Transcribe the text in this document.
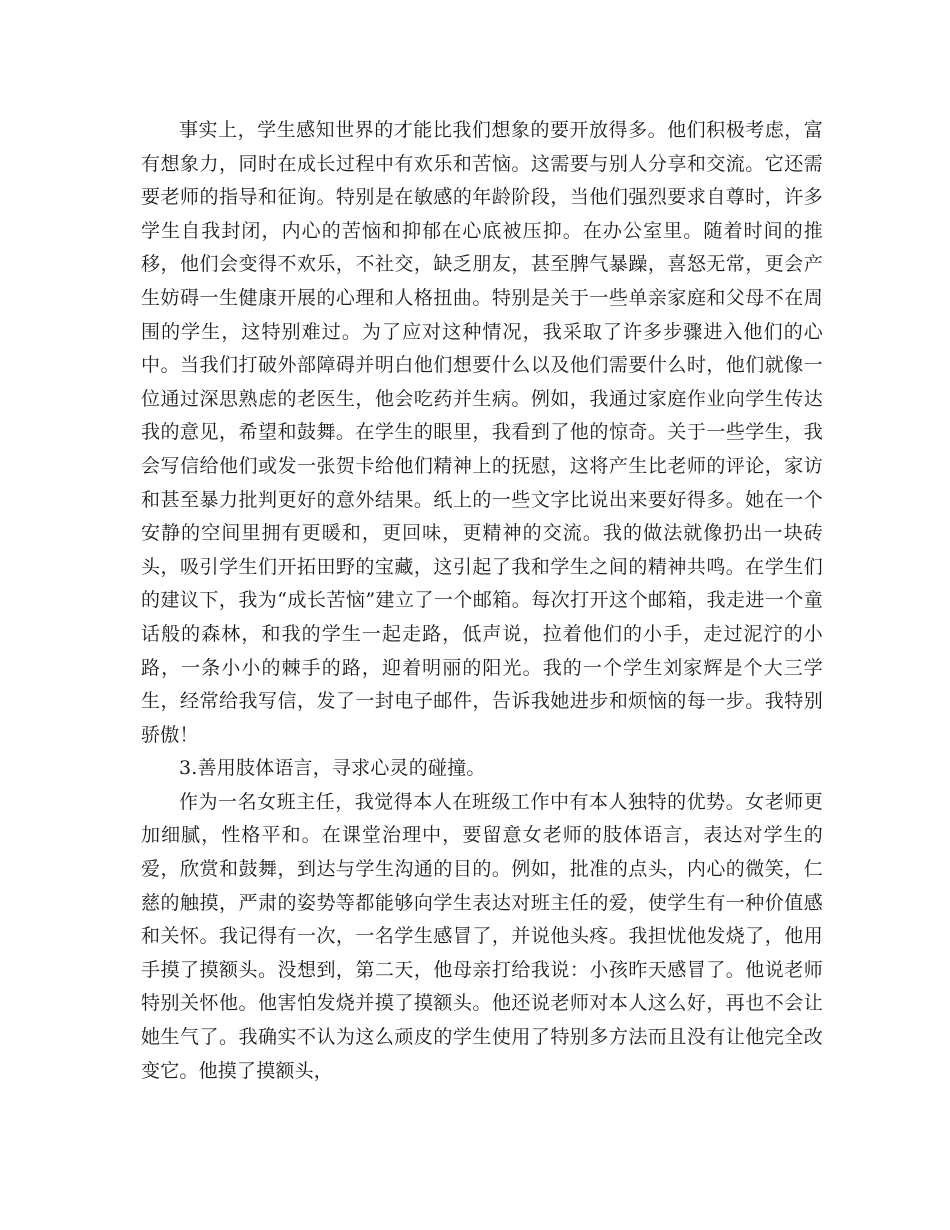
事实上，学生感知世界的才能比我们想象的要开放得多。他们积极考虑，富有想象力，同时在成长过程中有欢乐和苦恼。这需要与别人分享和交流。它还需要老师的指导和征询。特别是在敏感的年龄阶段，当他们强烈要求自尊时，许多学生自我封闭，内心的苦恼和抑郁在心底被压抑。在办公室里。随着时间的推移，他们会变得不欢乐，不社交，缺乏朋友，甚至脾气暴躁，喜怒无常，更会产生妨碍一生健康开展的心理和人格扭曲。特别是关于一些单亲家庭和父母不在周围的学生，这特别难过。为了应对这种情况，我采取了许多步骤进入他们的心中。当我们打破外部障碍并明白他们想要什么以及他们需要什么时，他们就像一位通过深思熟虑的老医生，他会吃药并生病。例如，我通过家庭作业向学生传达我的意见，希望和鼓舞。在学生的眼里，我看到了他的惊奇。关于一些学生，我会写信给他们或发一张贺卡给他们精神上的抚慰，这将产生比老师的评论，家访和甚至暴力批判更好的意外结果。纸上的一些文字比说出来要好得多。她在一个安静的空间里拥有更暖和，更回味，更精神的交流。我的做法就像扔出一块砖头，吸引学生们开拓田野的宝藏，这引起了我和学生之间的精神共鸣。在学生们的建议下，我为“成长苦恼”建立了一个邮箱。每次打开这个邮箱，我走进一个童话般的森林，和我的学生一起走路，低声说，拉着他们的小手，走过泥泞的小路，一条小小的棘手的路，迎着明丽的阳光。我的一个学生刘家辉是个大三学生，经常给我写信，发了一封电子邮件，告诉我她进步和烦恼的每一步。我特别骄傲！

3.善用肢体语言，寻求心灵的碰撞。

作为一名女班主任，我觉得本人在班级工作中有本人独特的优势。女老师更加细腻，性格平和。在课堂治理中，要留意女老师的肢体语言，表达对学生的爱，欣赏和鼓舞，到达与学生沟通的目的。例如，批准的点头，内心的微笑，仁慈的触摸，严肃的姿势等都能够向学生表达对班主任的爱，使学生有一种价值感和关怀。我记得有一次，一名学生感冒了，并说他头疼。我担忧他发烧了，他用手摸了摸额头。没想到，第二天，他母亲打给我说：小孩昨天感冒了。他说老师特别关怀他。他害怕发烧并摸了摸额头。他还说老师对本人这么好，再也不会让她生气了。我确实不认为这么顽皮的学生使用了特别多方法而且没有让他完全改变它。他摸了摸额头，
